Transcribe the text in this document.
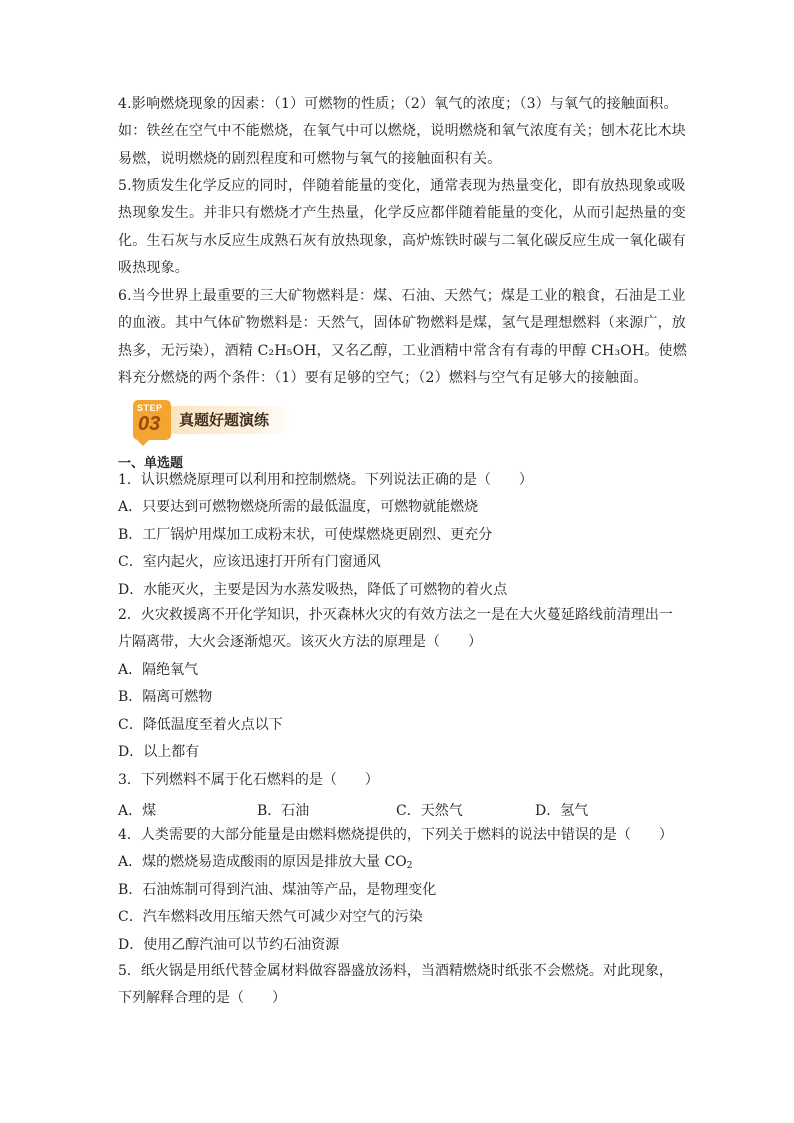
4.影响燃烧现象的因素：（1）可燃物的性质；（2）氧气的浓度；（3）与氧气的接触面积。
如：铁丝在空气中不能燃烧，在氧气中可以燃烧，说明燃烧和氧气浓度有关；刨木花比木块
易燃，说明燃烧的剧烈程度和可燃物与氧气的接触面积有关。
5.物质发生化学反应的同时，伴随着能量的变化，通常表现为热量变化，即有放热现象或吸
热现象发生。并非只有燃烧才产生热量，化学反应都伴随着能量的变化，从而引起热量的变
化。生石灰与水反应生成熟石灰有放热现象，高炉炼铁时碳与二氧化碳反应生成一氧化碳有
吸热现象。
6.当今世界上最重要的三大矿物燃料是：煤、石油、天然气；煤是工业的粮食，石油是工业
的血液。其中气体矿物燃料是：天然气，固体矿物燃料是煤，氢气是理想燃料（来源广，放
热多，无污染），酒精 C₂H₅OH，又名乙醇，工业酒精中常含有有毒的甲醇 CH₃OH。使燃
料充分燃烧的两个条件：（1）要有足够的空气；（2）燃料与空气有足够大的接触面。
STEP
03 真题好题演练
一、单选题
1．认识燃烧原理可以利用和控制燃烧。下列说法正确的是（　　）
A．只要达到可燃物燃烧所需的最低温度，可燃物就能燃烧
B．工厂锅炉用煤加工成粉末状，可使煤燃烧更剧烈、更充分
C．室内起火，应该迅速打开所有门窗通风
D．水能灭火，主要是因为水蒸发吸热，降低了可燃物的着火点
2．火灾救援离不开化学知识，扑灭森林火灾的有效方法之一是在大火蔓延路线前清理出一
片隔离带，大火会逐渐熄灭。该灭火方法的原理是（　　）
A．隔绝氧气
B．隔离可燃物
C．降低温度至着火点以下
D．以上都有
3．下列燃料不属于化石燃料的是（　　）
A．煤	B．石油	C．天然气	D．氢气
4．人类需要的大部分能量是由燃料燃烧提供的，下列关于燃料的说法中错误的是（　　）
A．煤的燃烧易造成酸雨的原因是排放大量 $CO_2$
B．石油炼制可得到汽油、煤油等产品，是物理变化
C．汽车燃料改用压缩天然气可减少对空气的污染
D．使用乙醇汽油可以节约石油资源
5．纸火锅是用纸代替金属材料做容器盛放汤料，当酒精燃烧时纸张不会燃烧。对此现象，
下列解释合理的是（　　）
